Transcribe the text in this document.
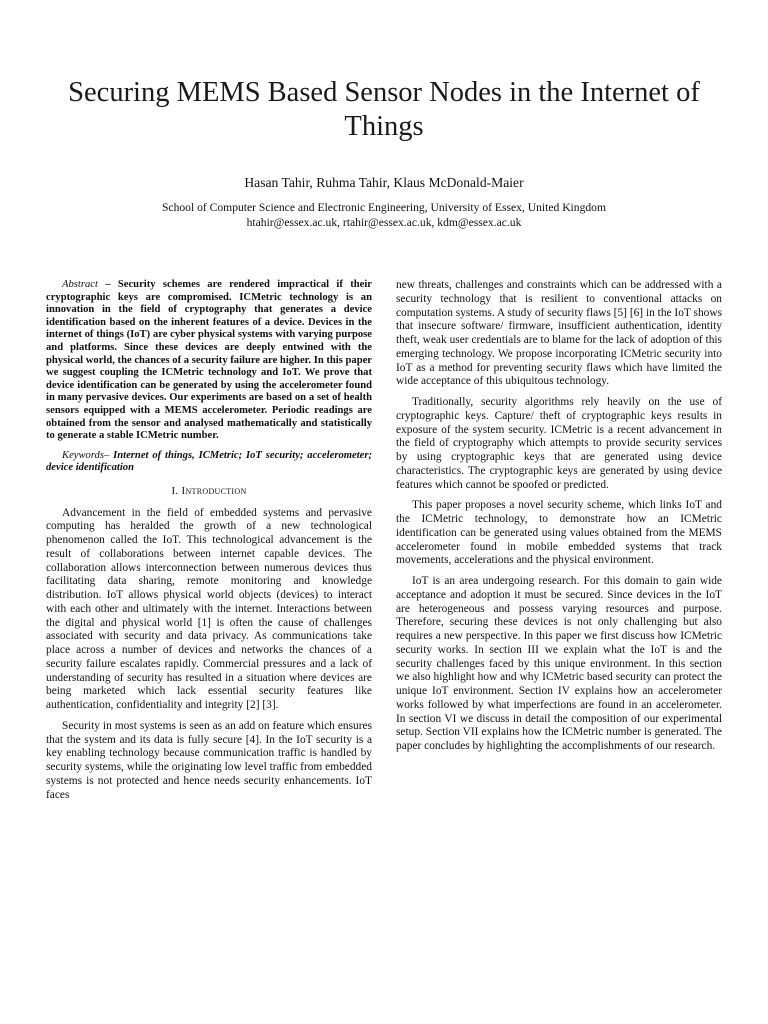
Securing MEMS Based Sensor Nodes in the Internet of Things
Hasan Tahir, Ruhma Tahir, Klaus McDonald-Maier
School of Computer Science and Electronic Engineering, University of Essex, United Kingdom
htahir@essex.ac.uk, rtahir@essex.ac.uk, kdm@essex.ac.uk

Abstract – Security schemes are rendered impractical if their cryptographic keys are compromised. ICMetric technology is an innovation in the field of cryptography that generates a device identification based on the inherent features of a device. Devices in the internet of things (IoT) are cyber physical systems with varying purpose and platforms. Since these devices are deeply entwined with the physical world, the chances of a security failure are higher. In this paper we suggest coupling the ICMetric technology and IoT. We prove that device identification can be generated by using the accelerometer found in many pervasive devices. Our experiments are based on a set of health sensors equipped with a MEMS accelerometer. Periodic readings are obtained from the sensor and analysed mathematically and statistically to generate a stable ICMetric number.

Keywords– Internet of things, ICMetric; IoT security; accelerometer; device identification

I. Introduction

Advancement in the field of embedded systems and pervasive computing has heralded the growth of a new technological phenomenon called the IoT. This technological advancement is the result of collaborations between internet capable devices. The collaboration allows interconnection between numerous devices thus facilitating data sharing, remote monitoring and knowledge distribution. IoT allows physical world objects (devices) to interact with each other and ultimately with the internet. Interactions between the digital and physical world [1] is often the cause of challenges associated with security and data privacy. As communications take place across a number of devices and networks the chances of a security failure escalates rapidly. Commercial pressures and a lack of understanding of security has resulted in a situation where devices are being marketed which lack essential security features like authentication, confidentiality and integrity [2] [3].

Security in most systems is seen as an add on feature which ensures that the system and its data is fully secure [4]. In the IoT security is a key enabling technology because communication traffic is handled by security systems, while the originating low level traffic from embedded systems is not protected and hence needs security enhancements. IoT faces

new threats, challenges and constraints which can be addressed with a security technology that is resilient to conventional attacks on computation systems. A study of security flaws [5] [6] in the IoT shows that insecure software/ firmware, insufficient authentication, identity theft, weak user credentials are to blame for the lack of adoption of this emerging technology. We propose incorporating ICMetric security into IoT as a method for preventing security flaws which have limited the wide acceptance of this ubiquitous technology.

Traditionally, security algorithms rely heavily on the use of cryptographic keys. Capture/ theft of cryptographic keys results in exposure of the system security. ICMetric is a recent advancement in the field of cryptography which attempts to provide security services by using cryptographic keys that are generated using device characteristics. The cryptographic keys are generated by using device features which cannot be spoofed or predicted.

This paper proposes a novel security scheme, which links IoT and the ICMetric technology, to demonstrate how an ICMetric identification can be generated using values obtained from the MEMS accelerometer found in mobile embedded systems that track movements, accelerations and the physical environment.

IoT is an area undergoing research. For this domain to gain wide acceptance and adoption it must be secured. Since devices in the IoT are heterogeneous and possess varying resources and purpose. Therefore, securing these devices is not only challenging but also requires a new perspective. In this paper we first discuss how ICMetric security works. In section III we explain what the IoT is and the security challenges faced by this unique environment. In this section we also highlight how and why ICMetric based security can protect the unique IoT environment. Section IV explains how an accelerometer works followed by what imperfections are found in an accelerometer. In section VI we discuss in detail the composition of our experimental setup. Section VII explains how the ICMetric number is generated. The paper concludes by highlighting the accomplishments of our research.
